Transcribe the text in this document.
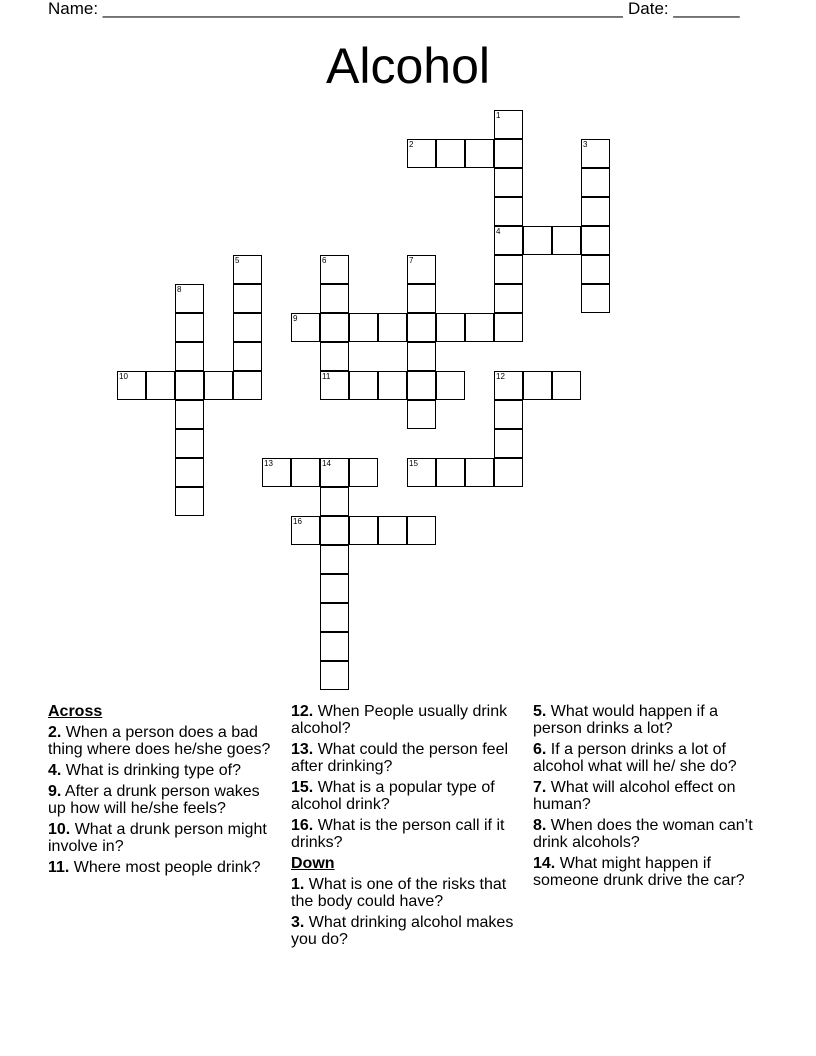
Name: _______________________________________________________ Date: _______
Alcohol
1
4
2	3
5	6
11
7
8
9
10	12
13	14	15
16
Across
2. When a person does a bad thing where does he/she goes?
4. What is drinking type of?
9. After a drunk person wakes up how will he/she feels?
10. What a drunk person might involve in?
11. Where most people drink?
12. When People usually drink alcohol?
13. What could the person feel after drinking?
15. What is a popular type of alcohol drink?
16. What is the person call if it drinks?
Down
1. What is one of the risks that the body could have?
3. What drinking alcohol makes you do?
5. What would happen if a person drinks a lot?
6. If a person drinks a lot of alcohol what will he/ she do?
7. What will alcohol effect on human?
8. When does the woman can’t drink alcohols?
14. What might happen if someone drunk drive the car?
